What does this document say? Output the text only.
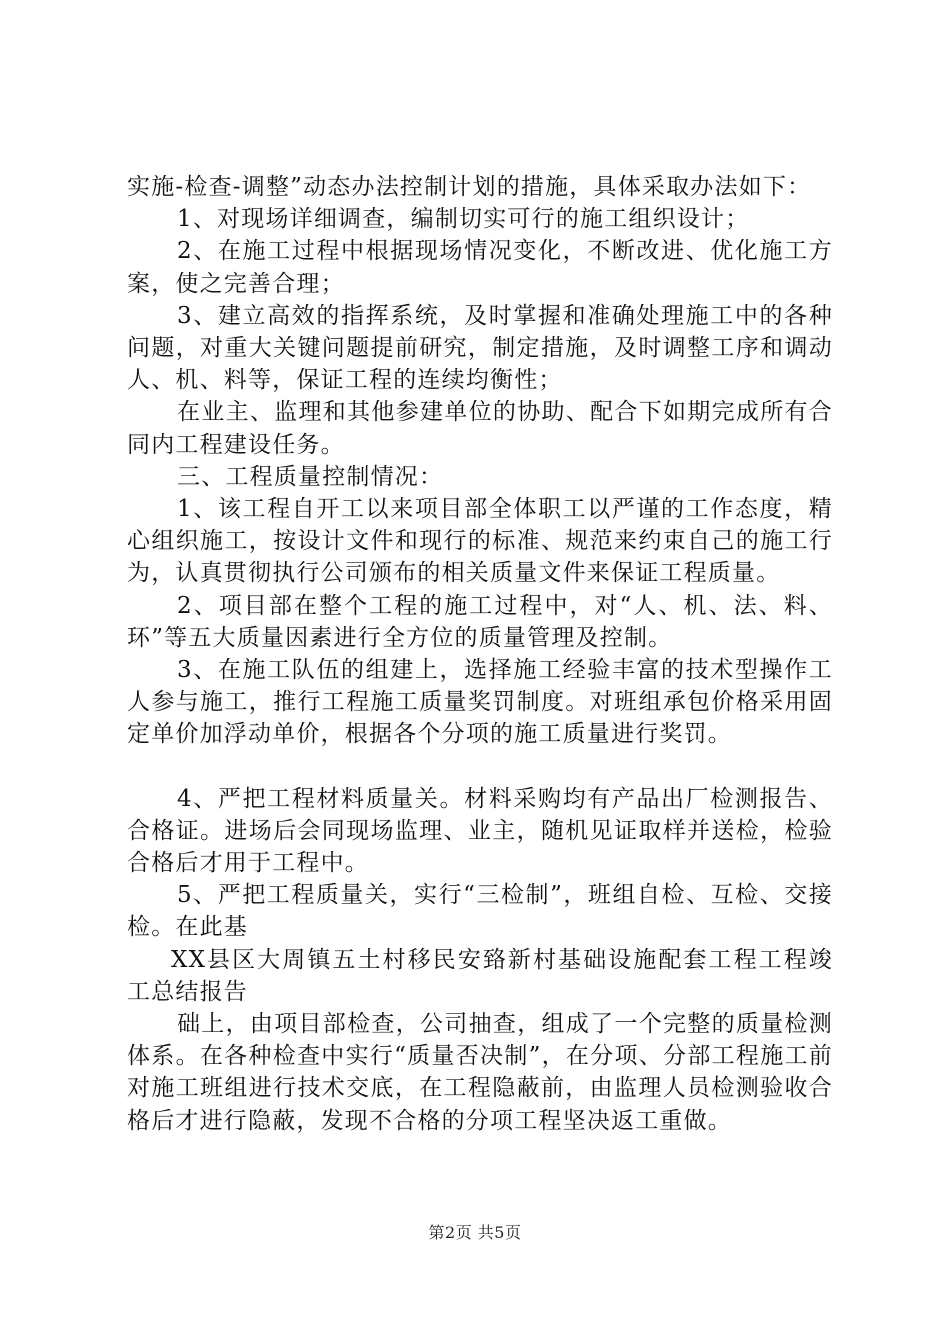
实施-检查-调整”动态办法控制计划的措施，具体采取办法如下：

1、对现场详细调查，编制切实可行的施工组织设计；

2、在施工过程中根据现场情况变化，不断改进、优化施工方案，使之完善合理；

3、建立高效的指挥系统，及时掌握和准确处理施工中的各种问题，对重大关键问题提前研究，制定措施，及时调整工序和调动人、机、料等，保证工程的连续均衡性；

在业主、监理和其他参建单位的协助、配合下如期完成所有合同内工程建设任务。

三、工程质量控制情况：

1、该工程自开工以来项目部全体职工以严谨的工作态度，精心组织施工，按设计文件和现行的标准、规范来约束自己的施工行为，认真贯彻执行公司颁布的相关质量文件来保证工程质量。

2、项目部在整个工程的施工过程中，对“人、机、法、料、环”等五大质量因素进行全方位的质量管理及控制。

3、在施工队伍的组建上，选择施工经验丰富的技术型操作工人参与施工，推行工程施工质量奖罚制度。对班组承包价格采用固定单价加浮动单价，根据各个分项的施工质量进行奖罚。

4、严把工程材料质量关。材料采购均有产品出厂检测报告、合格证。进场后会同现场监理、业主，随机见证取样并送检，检验合格后才用于工程中。

5、严把工程质量关，实行“三检制”，班组自检、互检、交接检。在此基

XX县区大周镇五土村移民安臵新村基础设施配套工程工程竣工总结报告

础上，由项目部检查，公司抽查，组成了一个完整的质量检测体系。在各种检查中实行“质量否决制”，在分项、分部工程施工前对施工班组进行技术交底，在工程隐蔽前，由监理人员检测验收合格后才进行隐蔽，发现不合格的分项工程坚决返工重做。

第2页 共5页
